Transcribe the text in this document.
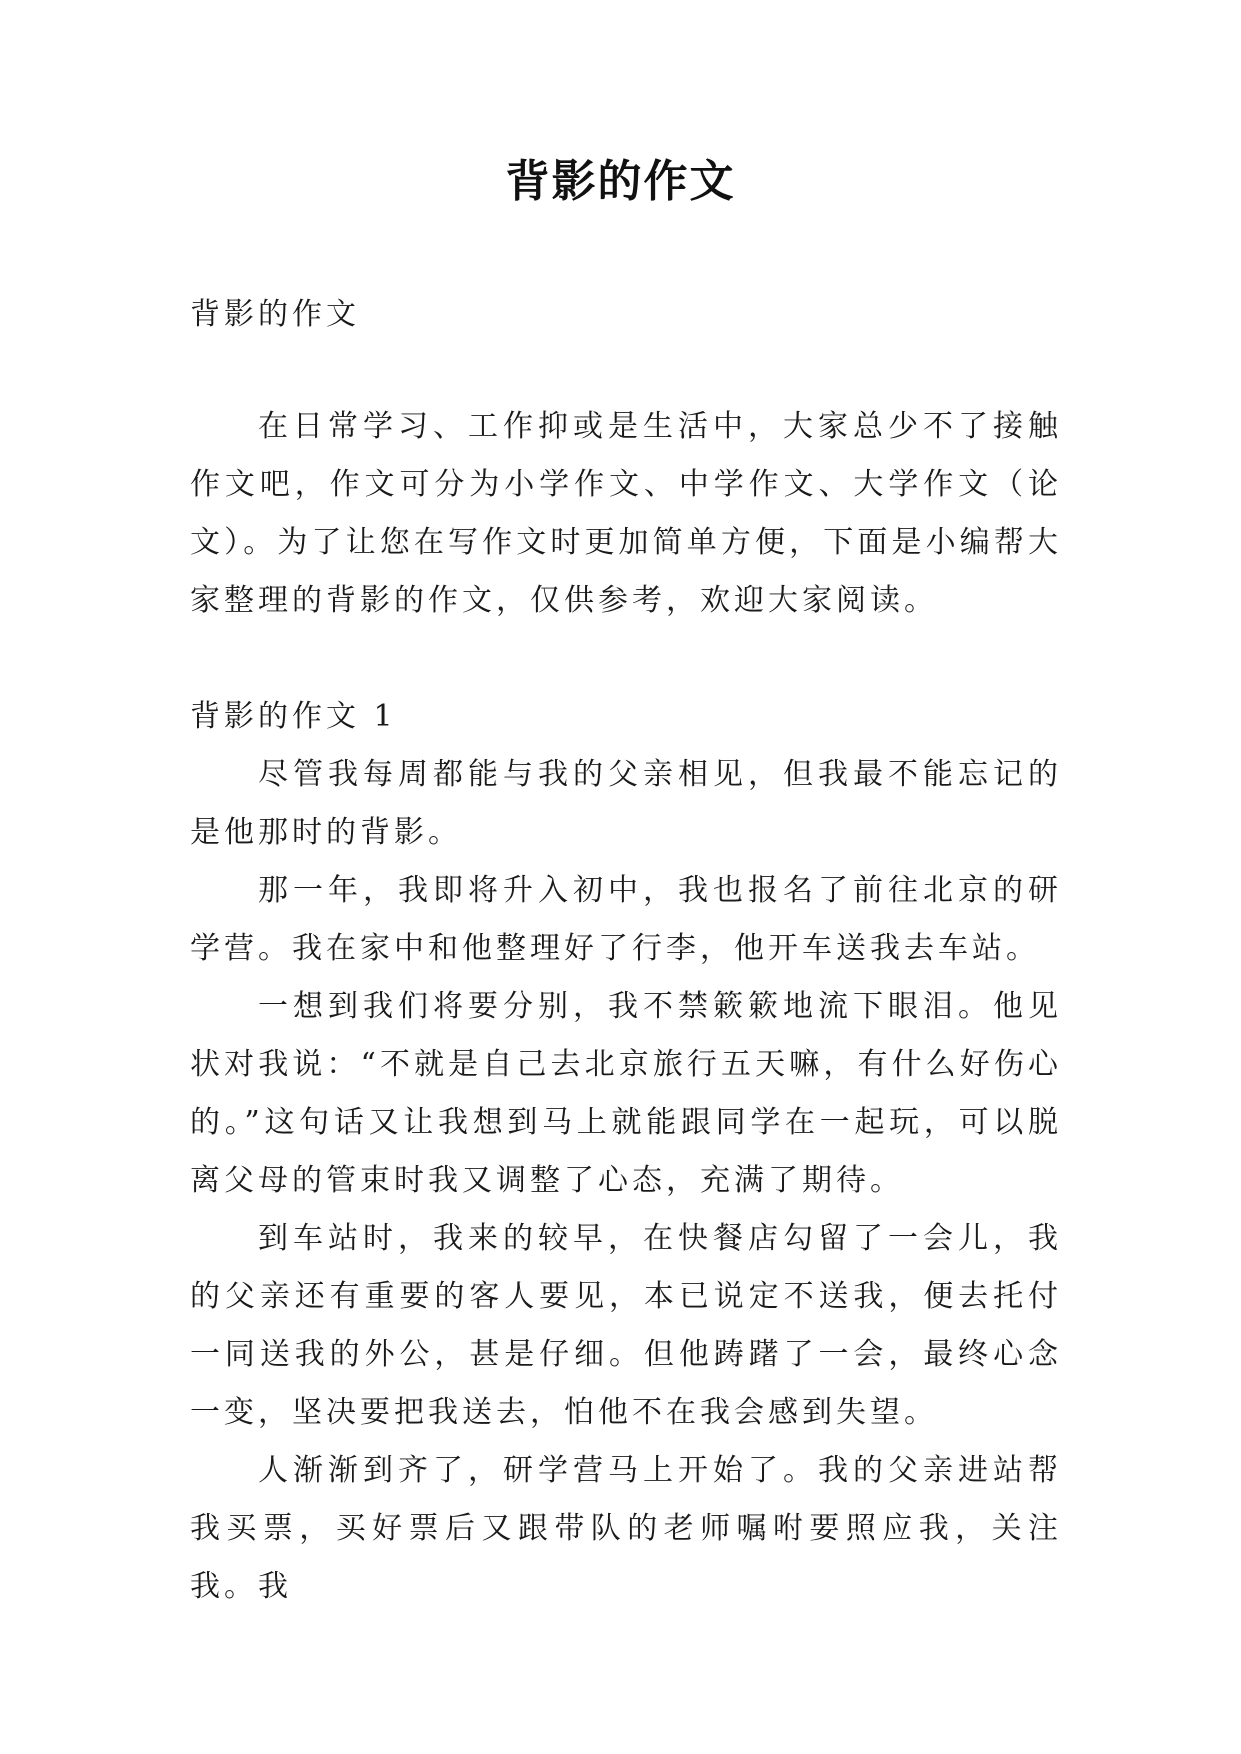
背影的作文

背影的作文

在日常学习、工作抑或是生活中，大家总少不了接触作文吧，作文可分为小学作文、中学作文、大学作文（论文）。为了让您在写作文时更加简单方便，下面是小编帮大家整理的背影的作文，仅供参考，欢迎大家阅读。

背影的作文 1

尽管我每周都能与我的父亲相见，但我最不能忘记的是他那时的背影。

那一年，我即将升入初中，我也报名了前往北京的研学营。我在家中和他整理好了行李，他开车送我去车站。

一想到我们将要分别，我不禁簌簌地流下眼泪。他见状对我说：“不就是自己去北京旅行五天嘛，有什么好伤心的。”这句话又让我想到马上就能跟同学在一起玩，可以脱离父母的管束时我又调整了心态，充满了期待。

到车站时，我来的较早，在快餐店勾留了一会儿，我的父亲还有重要的客人要见，本已说定不送我，便去托付一同送我的外公，甚是仔细。但他踌躇了一会，最终心念一变，坚决要把我送去，怕他不在我会感到失望。

人渐渐到齐了，研学营马上开始了。我的父亲进站帮我买票，买好票后又跟带队的老师嘱咐要照应我，关注我。我
